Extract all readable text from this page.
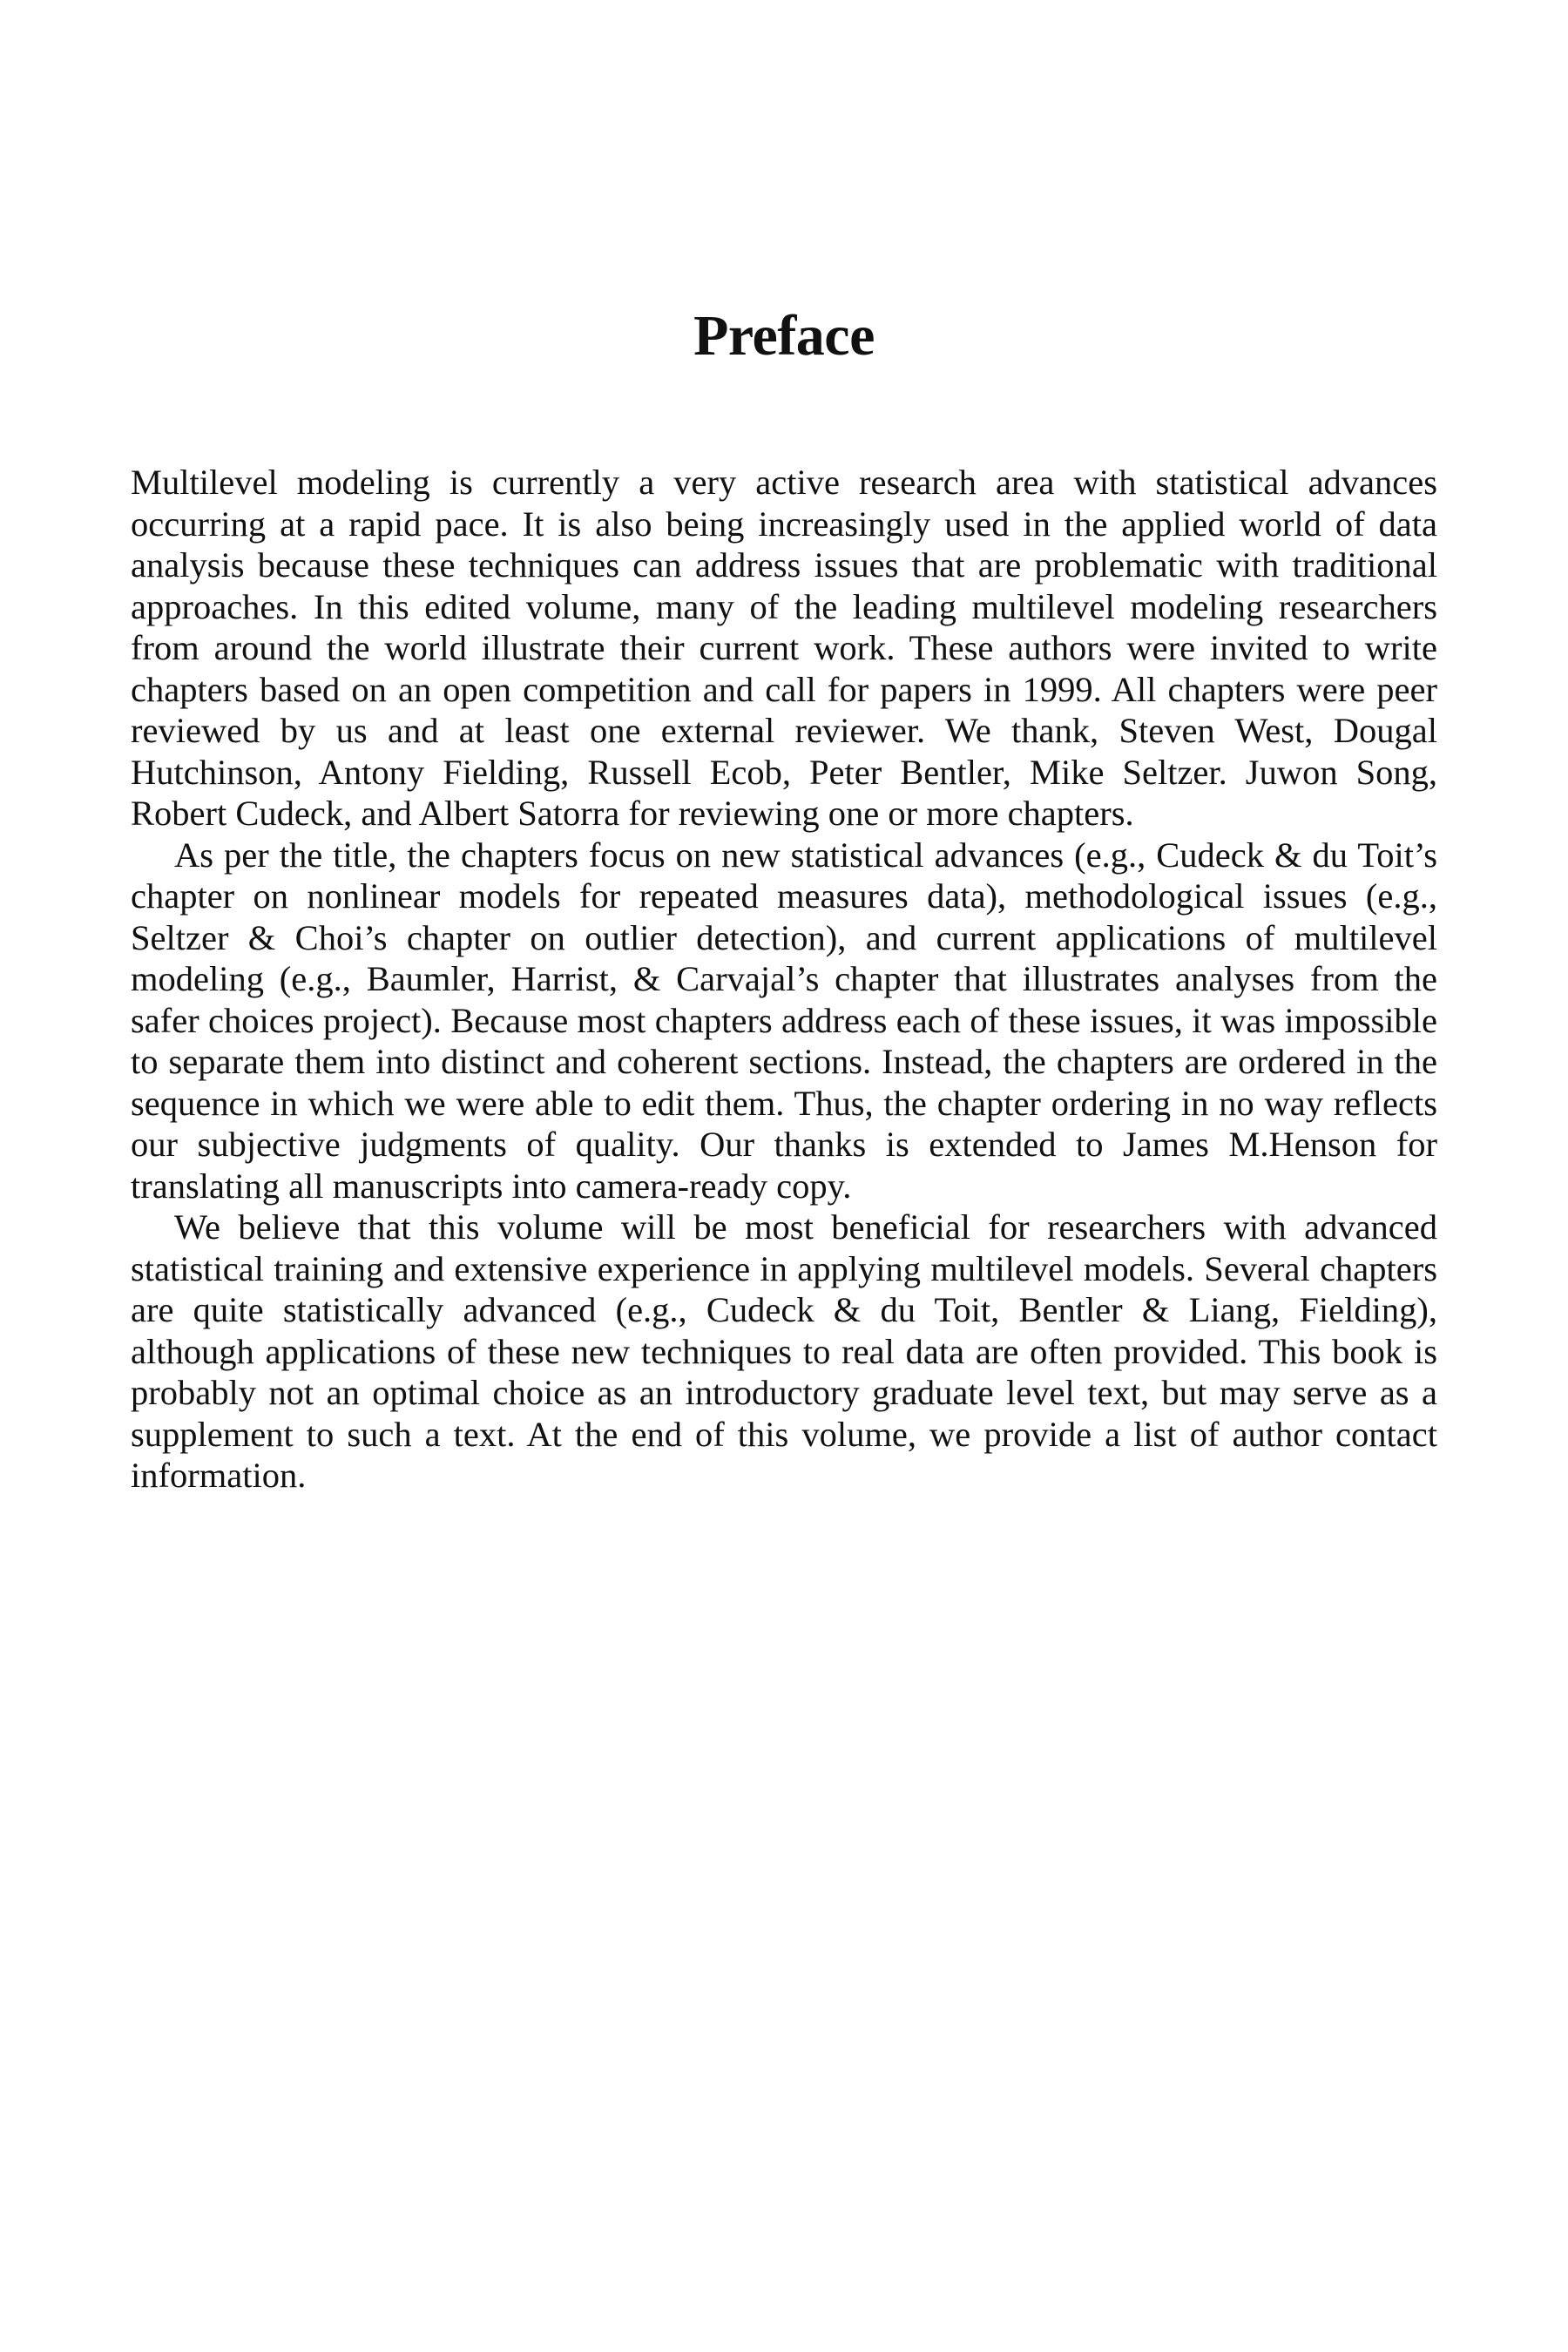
Preface

Multilevel modeling is currently a very active research area with statistical advances occurring at a rapid pace. It is also being increasingly used in the applied world of data analysis because these techniques can address issues that are problematic with traditional approaches. In this edited volume, many of the leading multilevel modeling researchers from around the world illustrate their current work. These authors were invited to write chapters based on an open competition and call for papers in 1999. All chapters were peer reviewed by us and at least one external reviewer. We thank, Steven West, Dougal Hutchinson, Antony Fielding, Russell Ecob, Peter Bentler, Mike Seltzer. Juwon Song, Robert Cudeck, and Albert Satorra for reviewing one or more chapters.

As per the title, the chapters focus on new statistical advances (e.g., Cudeck & du Toit’s chapter on nonlinear models for repeated measures data), methodological issues (e.g., Seltzer & Choi’s chapter on outlier detection), and current applications of multilevel modeling (e.g., Baumler, Harrist, & Carvajal’s chapter that illustrates analyses from the safer choices project). Because most chapters address each of these issues, it was impossible to separate them into distinct and coherent sections. Instead, the chapters are ordered in the sequence in which we were able to edit them. Thus, the chapter ordering in no way reflects our subjective judgments of quality. Our thanks is extended to James M.Henson for translating all manuscripts into camera-ready copy.

We believe that this volume will be most beneficial for researchers with advanced statistical training and extensive experience in applying multilevel models. Several chapters are quite statistically advanced (e.g., Cudeck & du Toit, Bentler & Liang, Fielding), although applications of these new techniques to real data are often provided. This book is probably not an optimal choice as an introductory graduate level text, but may serve as a supplement to such a text. At the end of this volume, we provide a list of author contact information.
